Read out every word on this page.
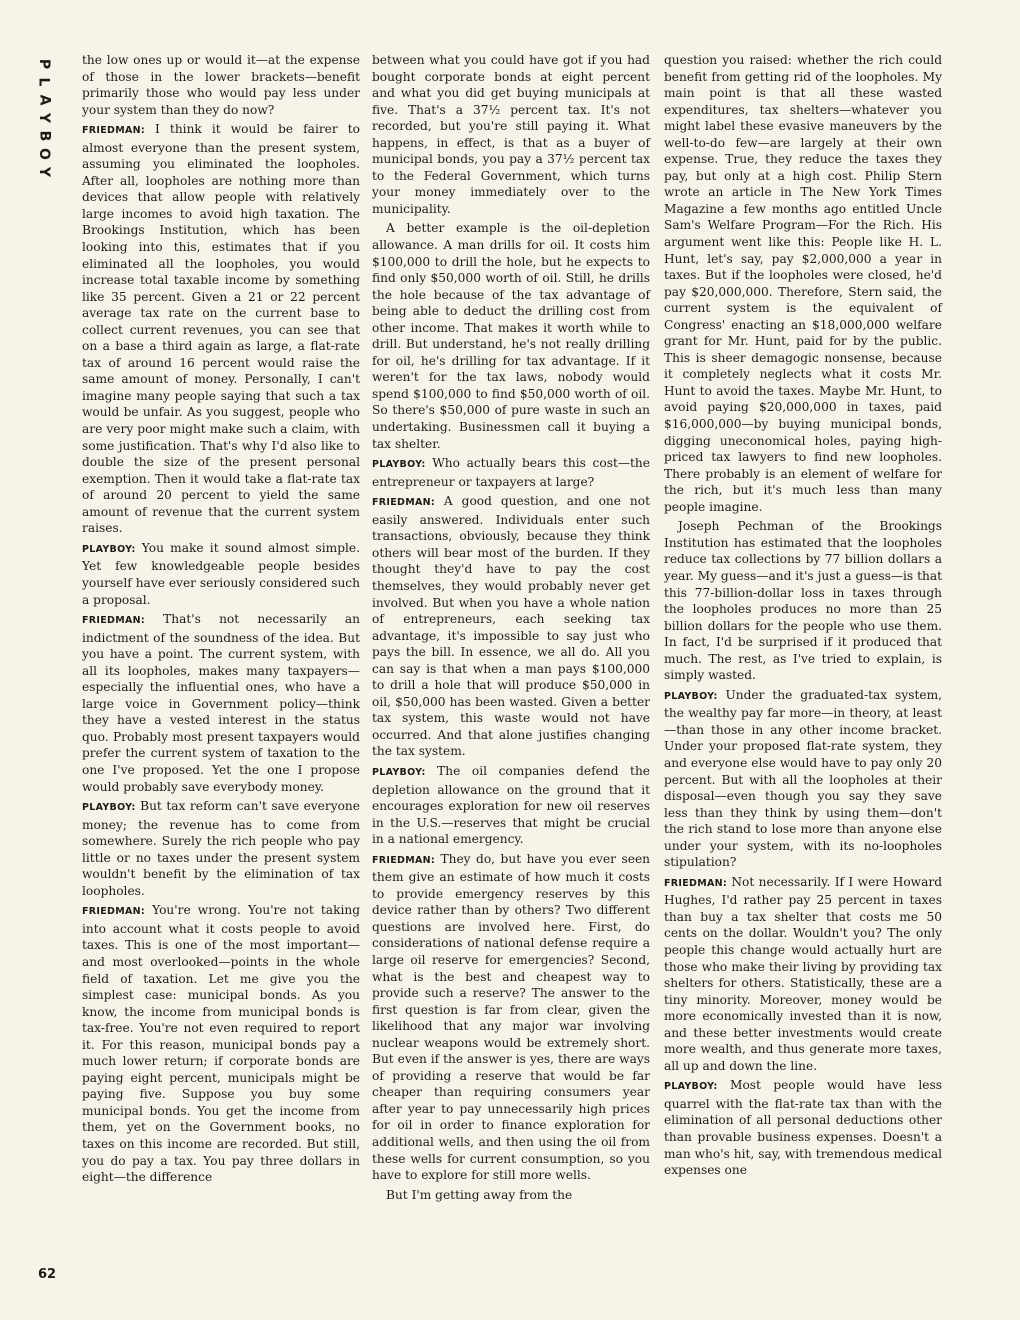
P
L
A
Y
B
O
Y
62

the low ones up or would it—at the expense of those in the lower brackets—benefit primarily those who would pay less under your system than they do now?

FRIEDMAN: I think it would be fairer to almost everyone than the present system, assuming you eliminated the loopholes. After all, loopholes are nothing more than devices that allow people with relatively large incomes to avoid high taxation. The Brookings Institution, which has been looking into this, estimates that if you eliminated all the loopholes, you would increase total taxable income by something like 35 percent. Given a 21 or 22 percent average tax rate on the current base to collect current revenues, you can see that on a base a third again as large, a flat-rate tax of around 16 percent would raise the same amount of money. Personally, I can't imagine many people saying that such a tax would be unfair. As you suggest, people who are very poor might make such a claim, with some justification. That's why I'd also like to double the size of the present personal exemption. Then it would take a flat-rate tax of around 20 percent to yield the same amount of revenue that the current system raises.

PLAYBOY: You make it sound almost simple. Yet few knowledgeable people besides yourself have ever seriously considered such a proposal.

FRIEDMAN: That's not necessarily an indictment of the soundness of the idea. But you have a point. The current system, with all its loopholes, makes many taxpayers—especially the influential ones, who have a large voice in Government policy—think they have a vested interest in the status quo. Probably most present taxpayers would prefer the current system of taxation to the one I've proposed. Yet the one I propose would probably save everybody money.

PLAYBOY: But tax reform can't save everyone money; the revenue has to come from somewhere. Surely the rich people who pay little or no taxes under the present system wouldn't benefit by the elimination of tax loopholes.

FRIEDMAN: You're wrong. You're not taking into account what it costs people to avoid taxes. This is one of the most important—and most overlooked—points in the whole field of taxation. Let me give you the simplest case: municipal bonds. As you know, the income from municipal bonds is tax-free. You're not even required to report it. For this reason, municipal bonds pay a much lower return; if corporate bonds are paying eight percent, municipals might be paying five. Suppose you buy some municipal bonds. You get the income from them, yet on the Government books, no taxes on this income are recorded. But still, you do pay a tax. You pay three dollars in eight—the difference

between what you could have got if you had bought corporate bonds at eight percent and what you did get buying municipals at five. That's a 37½ percent tax. It's not recorded, but you're still paying it. What happens, in effect, is that as a buyer of municipal bonds, you pay a 37½ percent tax to the Federal Government, which turns your money immediately over to the municipality.

A better example is the oil-depletion allowance. A man drills for oil. It costs him $100,000 to drill the hole, but he expects to find only $50,000 worth of oil. Still, he drills the hole because of the tax advantage of being able to deduct the drilling cost from other income. That makes it worth while to drill. But understand, he's not really drilling for oil, he's drilling for tax advantage. If it weren't for the tax laws, nobody would spend $100,000 to find $50,000 worth of oil. So there's $50,000 of pure waste in such an undertaking. Businessmen call it buying a tax shelter.

PLAYBOY: Who actually bears this cost—the entrepreneur or taxpayers at large?

FRIEDMAN: A good question, and one not easily answered. Individuals enter such transactions, obviously, because they think others will bear most of the burden. If they thought they'd have to pay the cost themselves, they would probably never get involved. But when you have a whole nation of entrepreneurs, each seeking tax advantage, it's impossible to say just who pays the bill. In essence, we all do. All you can say is that when a man pays $100,000 to drill a hole that will produce $50,000 in oil, $50,000 has been wasted. Given a better tax system, this waste would not have occurred. And that alone justifies changing the tax system.

PLAYBOY: The oil companies defend the depletion allowance on the ground that it encourages exploration for new oil reserves in the U.S.—reserves that might be crucial in a national emergency.

FRIEDMAN: They do, but have you ever seen them give an estimate of how much it costs to provide emergency reserves by this device rather than by others? Two different questions are involved here. First, do considerations of national defense require a large oil reserve for emergencies? Second, what is the best and cheapest way to provide such a reserve? The answer to the first question is far from clear, given the likelihood that any major war involving nuclear weapons would be extremely short. But even if the answer is yes, there are ways of providing a reserve that would be far cheaper than requiring consumers year after year to pay unnecessarily high prices for oil in order to finance exploration for additional wells, and then using the oil from these wells for current consumption, so you have to explore for still more wells.

But I'm getting away from the

question you raised: whether the rich could benefit from getting rid of the loopholes. My main point is that all these wasted expenditures, tax shelters—whatever you might label these evasive maneuvers by the well-to-do few—are largely at their own expense. True, they reduce the taxes they pay, but only at a high cost. Philip Stern wrote an article in The New York Times Magazine a few months ago entitled Uncle Sam's Welfare Program—For the Rich. His argument went like this: People like H. L. Hunt, let's say, pay $2,000,000 a year in taxes. But if the loopholes were closed, he'd pay $20,000,000. Therefore, Stern said, the current system is the equivalent of Congress' enacting an $18,000,000 welfare grant for Mr. Hunt, paid for by the public. This is sheer demagogic nonsense, because it completely neglects what it costs Mr. Hunt to avoid the taxes. Maybe Mr. Hunt, to avoid paying $20,000,000 in taxes, paid $16,000,000—by buying municipal bonds, digging uneconomical holes, paying high-priced tax lawyers to find new loopholes. There probably is an element of welfare for the rich, but it's much less than many people imagine.

Joseph Pechman of the Brookings Institution has estimated that the loopholes reduce tax collections by 77 billion dollars a year. My guess—and it's just a guess—is that this 77-billion-dollar loss in taxes through the loopholes produces no more than 25 billion dollars for the people who use them. In fact, I'd be surprised if it produced that much. The rest, as I've tried to explain, is simply wasted.

PLAYBOY: Under the graduated-tax system, the wealthy pay far more—in theory, at least—than those in any other income bracket. Under your proposed flat-rate system, they and everyone else would have to pay only 20 percent. But with all the loopholes at their disposal—even though you say they save less than they think by using them—don't the rich stand to lose more than anyone else under your system, with its no-loopholes stipulation?

FRIEDMAN: Not necessarily. If I were Howard Hughes, I'd rather pay 25 percent in taxes than buy a tax shelter that costs me 50 cents on the dollar. Wouldn't you? The only people this change would actually hurt are those who make their living by providing tax shelters for others. Statistically, these are a tiny minority. Moreover, money would be more economically invested than it is now, and these better investments would create more wealth, and thus generate more taxes, all up and down the line.

PLAYBOY: Most people would have less quarrel with the flat-rate tax than with the elimination of all personal deductions other than provable business expenses. Doesn't a man who's hit, say, with tremendous medical expenses one
